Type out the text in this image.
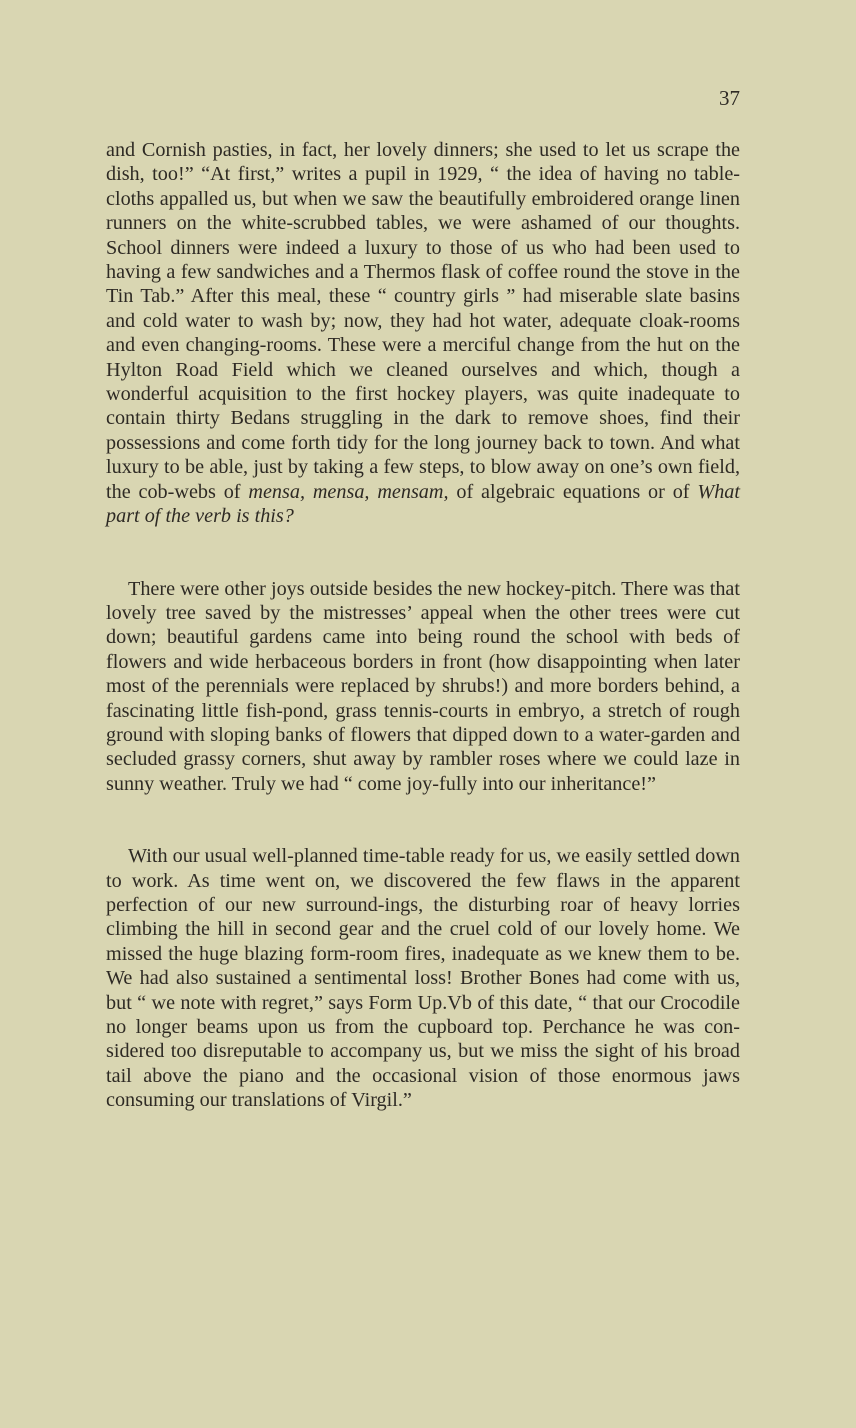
37

and Cornish pasties, in fact, her lovely dinners; she used to let us scrape the dish, too!” “At first,” writes a pupil in 1929, “ the idea of having no table-cloths appalled us, but when we saw the beautifully embroidered orange linen runners on the white-scrubbed tables, we were ashamed of our thoughts. School dinners were indeed a luxury to those of us who had been used to having a few sandwiches and a Thermos flask of coffee round the stove in the Tin Tab.” After this meal, these “ country girls ” had miserable slate basins and cold water to wash by; now, they had hot water, adequate cloak-rooms and even changing-rooms. These were a merciful change from the hut on the Hylton Road Field which we cleaned ourselves and which, though a wonderful acquisition to the first hockey players, was quite inadequate to contain thirty Bedans struggling in the dark to remove shoes, find their possessions and come forth tidy for the long journey back to town. And what luxury to be able, just by taking a few steps, to blow away on one’s own field, the cob-webs of mensa, mensa, mensam, of algebraic equations or of What part of the verb is this?

There were other joys outside besides the new hockey-pitch. There was that lovely tree saved by the mistresses’ appeal when the other trees were cut down; beautiful gardens came into being round the school with beds of flowers and wide herbaceous borders in front (how disappointing when later most of the perennials were replaced by shrubs!) and more borders behind, a fascinating little fish-pond, grass tennis-courts in embryo, a stretch of rough ground with sloping banks of flowers that dipped down to a water-garden and secluded grassy corners, shut away by rambler roses where we could laze in sunny weather. Truly we had “ come joy-fully into our inheritance!”

With our usual well-planned time-table ready for us, we easily settled down to work. As time went on, we discovered the few flaws in the apparent perfection of our new surround-ings, the disturbing roar of heavy lorries climbing the hill in second gear and the cruel cold of our lovely home. We missed the huge blazing form-room fires, inadequate as we knew them to be. We had also sustained a sentimental loss! Brother Bones had come with us, but “ we note with regret,” says Form Up.Vb of this date, “ that our Crocodile no longer beams upon us from the cupboard top. Perchance he was con-sidered too disreputable to accompany us, but we miss the sight of his broad tail above the piano and the occasional vision of those enormous jaws consuming our translations of Virgil.”
